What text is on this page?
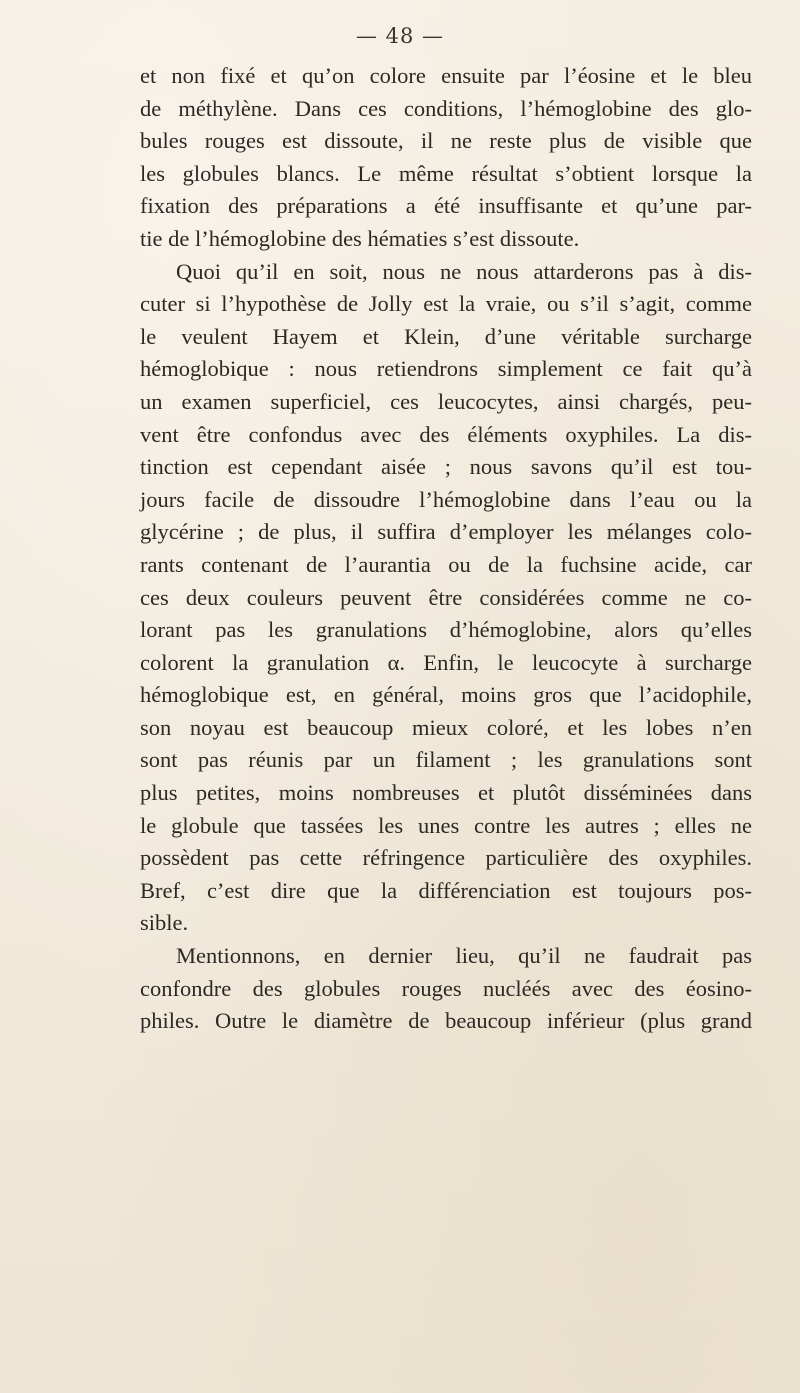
— 48 —
et non fixé et qu’on colore ensuite par l’éosine et le bleu
de méthylène. Dans ces conditions, l’hémoglobine des glo-
bules rouges est dissoute, il ne reste plus de visible que
les globules blancs. Le même résultat s’obtient lorsque la
fixation des préparations a été insuffisante et qu’une par-
tie de l’hémoglobine des hématies s’est dissoute.
Quoi qu’il en soit, nous ne nous attarderons pas à dis-
cuter si l’hypothèse de Jolly est la vraie, ou s’il s’agit, comme
le veulent Hayem et Klein, d’une véritable surcharge
hémoglobique : nous retiendrons simplement ce fait qu’à
un examen superficiel, ces leucocytes, ainsi chargés, peu-
vent être confondus avec des éléments oxyphiles. La dis-
tinction est cependant aisée ; nous savons qu’il est tou-
jours facile de dissoudre l’hémoglobine dans l’eau ou la
glycérine ; de plus, il suffira d’employer les mélanges colo-
rants contenant de l’aurantia ou de la fuchsine acide, car
ces deux couleurs peuvent être considérées comme ne co-
lorant pas les granulations d’hémoglobine, alors qu’elles
colorent la granulation α. Enfin, le leucocyte à surcharge
hémoglobique est, en général, moins gros que l’acidophile,
son noyau est beaucoup mieux coloré, et les lobes n’en
sont pas réunis par un filament ; les granulations sont
plus petites, moins nombreuses et plutôt disséminées dans
le globule que tassées les unes contre les autres ; elles ne
possèdent pas cette réfringence particulière des oxyphiles.
Bref, c’est dire que la différenciation est toujours pos-
sible.
Mentionnons, en dernier lieu, qu’il ne faudrait pas
confondre des globules rouges nucléés avec des éosino-
philes. Outre le diamètre de beaucoup inférieur (plus grand
